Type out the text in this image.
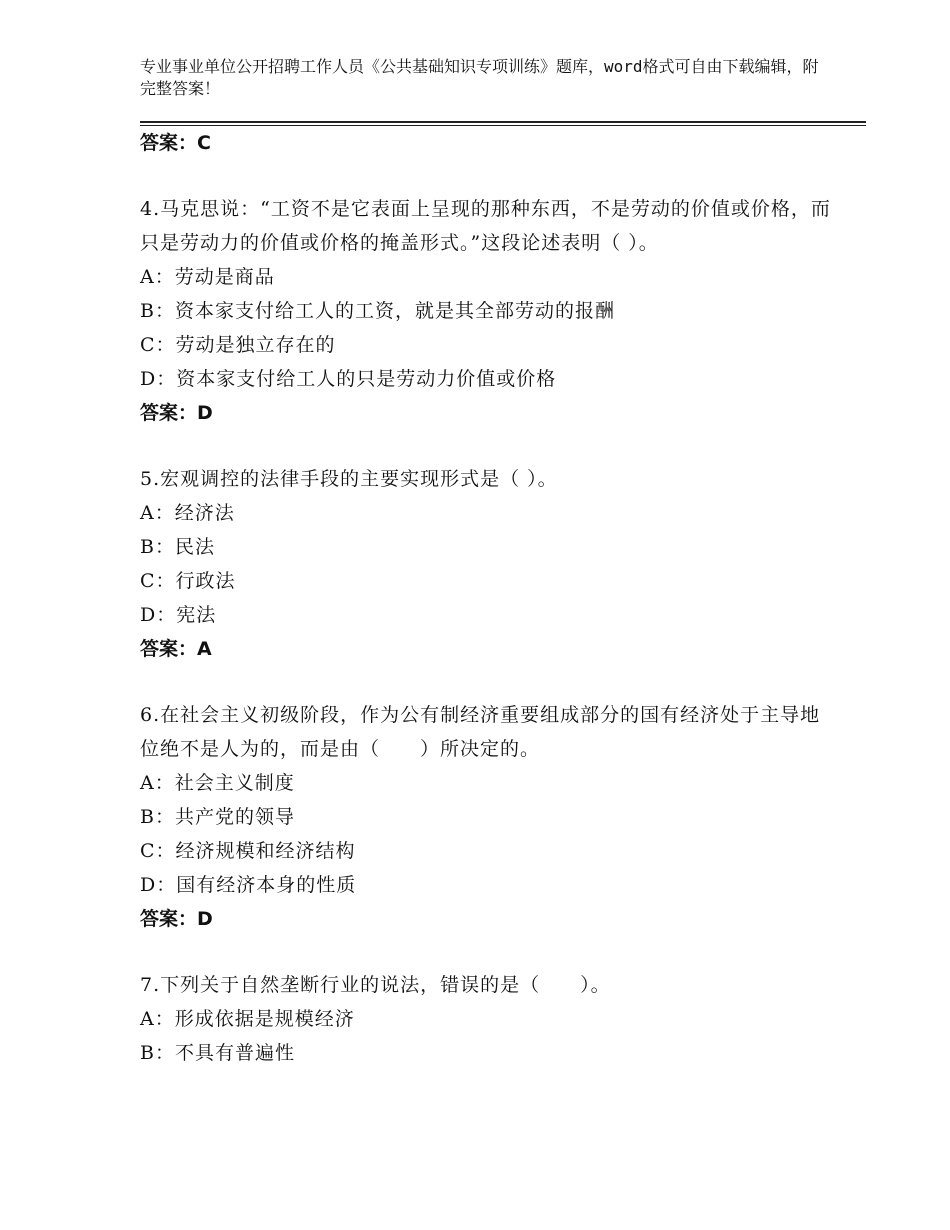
专业事业单位公开招聘工作人员《公共基础知识专项训练》题库，word格式可自由下载编辑，附完整答案！
答案：C
4.马克思说：“工资不是它表面上呈现的那种东西，不是劳动的价值或价格，而只是劳动力的价值或价格的掩盖形式。”这段论述表明（ ）。
A：劳动是商品
B：资本家支付给工人的工资，就是其全部劳动的报酬
C：劳动是独立存在的
D：资本家支付给工人的只是劳动力价值或价格
答案：D
5.宏观调控的法律手段的主要实现形式是（ ）。
A：经济法
B：民法
C：行政法
D：宪法
答案：A
6.在社会主义初级阶段，作为公有制经济重要组成部分的国有经济处于主导地位绝不是人为的，而是由（　　）所决定的。
A：社会主义制度
B：共产党的领导
C：经济规模和经济结构
D：国有经济本身的性质
答案：D
7.下列关于自然垄断行业的说法，错误的是（　　）。
A：形成依据是规模经济
B：不具有普遍性
